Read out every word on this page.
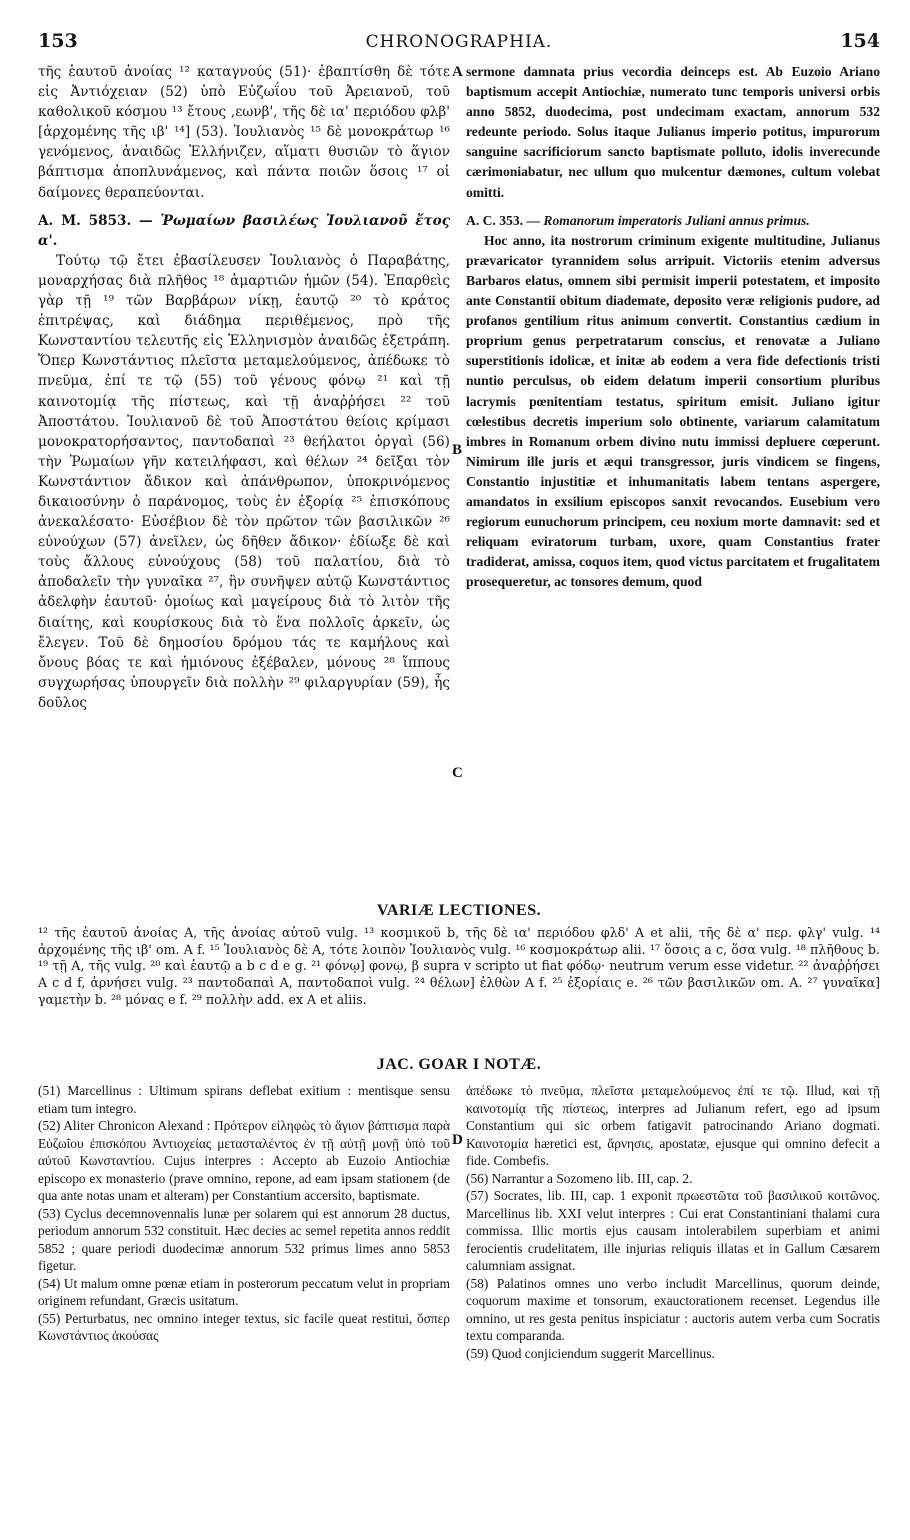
153	CHRONOGRAPHIA.	154

τῆς ἑαυτοῦ ἀνοίας ¹² καταγνούς (51)· ἐβαπτίσθη δὲ τότε εἰς Ἀντιόχειαν (52) ὑπὸ Εὐζωΐου τοῦ Ἀρειανοῦ, τοῦ καθολικοῦ κόσμου ¹³ ἔτους ,εωνβ', τῆς δὲ ια' περιόδου φλβ' [ἀρχομένης τῆς ιβ' ¹⁴] (53). Ἰουλιανὸς ¹⁵ δὲ μονοκράτωρ ¹⁶ γενόμενος, ἀναιδῶς Ἑλλήνιζεν, αἵματι θυσιῶν τὸ ἅγιον βάπτισμα ἀποπλυνάμενος, καὶ πάντα ποιῶν ὅσοις ¹⁷ οἱ δαίμονες θεραπεύονται.

A. M. 5853. — Ῥωμαίων βασιλέως Ἰουλιανοῦ ἔτος α'.

Τούτῳ τῷ ἔτει ἐβασίλευσεν Ἰουλιανὸς ὁ Παραβάτης, μοναρχήσας διὰ πλῆθος ¹⁸ ἁμαρτιῶν ἡμῶν (54). Ἐπαρθεὶς γὰρ τῇ ¹⁹ τῶν Βαρβάρων νίκῃ, ἑαυτῷ ²⁰ τὸ κράτος ἐπιτρέψας, καὶ διάδημα περιθέμενος, πρὸ τῆς Κωνσταντίου τελευτῆς εἰς Ἑλληνισμὸν ἀναιδῶς ἐξετράπη. Ὅπερ Κωνστάντιος πλεῖστα μεταμελούμενος, ἀπέδωκε τὸ πνεῦμα, ἐπί τε τῷ (55) τοῦ γένους φόνῳ ²¹ καὶ τῇ καινοτομίᾳ τῆς πίστεως, καὶ τῇ ἀναῤῥήσει ²² τοῦ Ἀποστάτου. Ἰουλιανοῦ δὲ τοῦ Ἀποστάτου θείοις κρίμασι μονοκρατορήσαντος, παντοδαπαὶ ²³ θεήλατοι ὀργαὶ (56) τὴν Ῥωμαίων γῆν κατειλήφασι, καὶ θέλων ²⁴ δεῖξαι τὸν Κωνστάντιον ἄδικον καὶ ἀπάνθρωπον, ὑποκρινόμενος δικαιοσύνην ὁ παράνομος, τοὺς ἐν ἐξορίᾳ ²⁵ ἐπισκόπους ἀνεκαλέσατο· Εὐσέβιον δὲ τὸν πρῶτον τῶν βασιλικῶν ²⁶ εὐνούχων (57) ἀνεῖλεν, ὡς δῆθεν ἄδικον· ἐδίωξε δὲ καὶ τοὺς ἄλλους εὐνούχους (58) τοῦ παλατίου, διὰ τὸ ἀποδαλεῖν τὴν γυναῖκα ²⁷, ἣν συνῆψεν αὐτῷ Κωνστάντιος ἀδελφὴν ἑαυτοῦ· ὁμοίως καὶ μαγείρους διὰ τὸ λιτὸν τῆς διαίτης, καὶ κουρίσκους διὰ τὸ ἕνα πολλοῖς ἀρκεῖν, ὡς ἔλεγεν. Τοῦ δὲ δημοσίου δρόμου τάς τε καμήλους καὶ ὄνους βόας τε καὶ ἡμιόνους ἐξέβαλεν, μόνους ²⁸ ἵππους συγχωρήσας ὑπουργεῖν διὰ πολλὴν ²⁹ φιλαργυρίαν (59), ἧς δοῦλος

A
B
C
D

sermone damnata prius vecordia deinceps est. Ab Euzoio Ariano baptismum accepit Antiochiæ, numerato tunc temporis universi orbis anno 5852, duodecima, post undecimam exactam, annorum 532 redeunte periodo. Solus itaque Julianus imperio potitus, impurorum sanguine sacrificiorum sancto baptismate polluto, idolis inverecunde cærimoniabatur, nec ullum quo mulcentur dæmones, cultum volebat omitti.

A. C. 353. — Romanorum imperatoris Juliani annus primus.

Hoc anno, ita nostrorum criminum exigente multitudine, Julianus prævaricator tyrannidem solus arripuit. Victoriis etenim adversus Barbaros elatus, omnem sibi permisit imperii potestatem, et imposito ante Constantii obitum diademate, deposito veræ religionis pudore, ad profanos gentilium ritus animum convertit. Constantius cædium in proprium genus perpetratarum conscius, et renovatæ a Juliano superstitionis idolicæ, et initæ ab eodem a vera fide defectionis tristi nuntio perculsus, ob eidem delatum imperii consortium pluribus lacrymis pœnitentiam testatus, spiritum emisit. Juliano igitur cœlestibus decretis imperium solo obtinente, variarum calamitatum imbres in Romanum orbem divino nutu immissi depluere cœperunt. Nimirum ille juris et æqui transgressor, juris vindicem se fingens, Constantio injustitiæ et inhumanitatis labem tentans aspergere, amandatos in exsilium episcopos sanxit revocandos. Eusebium vero regiorum eunuchorum principem, ceu noxium morte damnavit: sed et reliquam eviratorum turbam, uxore, quam Constantius frater tradiderat, amissa, coquos item, quod victus parcitatem et frugalitatem prosequeretur, ac tonsores demum, quod

VARIÆ LECTIONES.

¹² τῆς ἑαυτοῦ ἀνοίας A, τῆς ἀνοίας αὐτοῦ vulg. ¹³ κοσμικοῦ b, τῆς δὲ ια' περιόδου φλδ' A et alii, τῆς δὲ α' περ. φλγ' vulg. ¹⁴ ἀρχομένης τῆς ιβ' om. A f. ¹⁵ Ἰουλιανὸς δὲ A, τότε λοιπὸν Ἰουλιανὸς vulg. ¹⁶ κοσμοκράτωρ alii. ¹⁷ ὅσοις a c, ὅσα vulg. ¹⁸ πλῆθους b. ¹⁹ τῇ A, τῆς vulg. ²⁰ καὶ ἑαυτῷ a b c d e g. ²¹ φόνῳ] φονῳ, β supra v scripto ut fiat φόδῳ· neutrum verum esse videtur. ²² ἀναῤῥήσει A c d f, ἀρνήσει vulg. ²³ παντοδαπαὶ A, παντοδαποὶ vulg. ²⁴ θέλων] ἐλθὼν A f. ²⁵ ἐξορίαις e. ²⁶ τῶν βασιλικῶν om. A. ²⁷ γυναῖκα] γαμετὴν b. ²⁸ μόνας e f. ²⁹ πολλὴν add. ex A et aliis.

JAC. GOAR I NOTÆ.

(51) Marcellinus : Ultimum spirans deflebat exitium : mentisque sensu etiam tum integro.

(52) Aliter Chronicon Alexand : Πρότερον εἰληφὼς τὸ ἅγιον βάπτισμα παρὰ Εὐζωΐου ἐπισκόπου Ἀντιοχείας μετασταλέντος ἐν τῇ αὐτῇ μονῇ ὑπὸ τοῦ αὐτοῦ Κωνσταντίου. Cujus interpres : Accepto ab Euzoio Antiochiæ episcopo ex monasterio (prave omnino, repone, ad eam ipsam stationem (de qua ante notas unam et alteram) per Constantium accersito, baptismate.

(53) Cyclus decemnovennalis lunæ per solarem qui est annorum 28 ductus, periodum annorum 532 constituit. Hæc decies ac semel repetita annos reddit 5852 ; quare periodi duodecimæ annorum 532 primus limes anno 5853 figetur.

(54) Ut malum omne pœnæ etiam in posterorum peccatum velut in propriam originem refundant, Græcis usitatum.

(55) Perturbatus, nec omnino integer textus, sic facile queat restitui, ὅσπερ Κωνστάντιος ἀκούσας

ἀπέδωκε τὸ πνεῦμα, πλεῖστα μεταμελούμενος ἐπί τε τῷ. Illud, καὶ τῇ καινοτομίᾳ τῆς πίστεως, interpres ad Julianum refert, ego ad ipsum Constantium qui sic orbem fatigavit patrocinando Ariano dogmati. Καινοτομία hæretici est, ἄρνησις, apostatæ, ejusque qui omnino defecit a fide. Combefis.

(56) Narrantur a Sozomeno lib. III, cap. 2.

(57) Socrates, lib. III, cap. 1 exponit πρωεστῶτα τοῦ βασιλικοῦ κοιτῶνος. Marcellinus lib. XXI velut interpres : Cui erat Constantiniani thalami cura commissa. Illic mortis ejus causam intolerabilem superbiam et animi ferocientis crudelitatem, ille injurias reliquis illatas et in Gallum Cæsarem calumniam assignat.

(58) Palatinos omnes uno verbo includit Marcellinus, quorum deinde, coquorum maxime et tonsorum, exauctorationem recenset. Legendus ille omnino, ut res gesta penitus inspiciatur : auctoris autem verba cum Socratis textu comparanda.

(59) Quod conjiciendum suggerit Marcellinus.
